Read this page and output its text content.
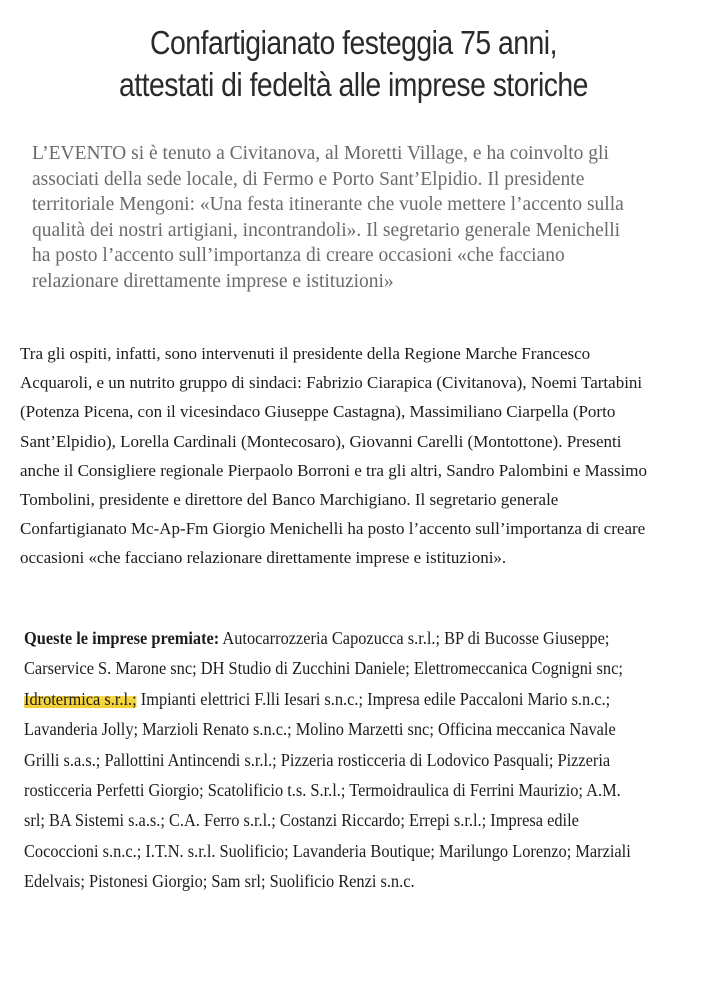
Confartigianato festeggia 75 anni,
attestati di fedeltà alle imprese storiche
L’EVENTO si è tenuto a Civitanova, al Moretti Village, e ha coinvolto gli
associati della sede locale, di Fermo e Porto Sant’Elpidio. Il presidente
territoriale Mengoni: «Una festa itinerante che vuole mettere l’accento sulla
qualità dei nostri artigiani, incontrandoli». Il segretario generale Menichelli
ha posto l’accento sull’importanza di creare occasioni «che facciano
relazionare direttamente imprese e istituzioni»
Tra gli ospiti, infatti, sono intervenuti il presidente della Regione Marche Francesco
Acquaroli, e un nutrito gruppo di sindaci: Fabrizio Ciarapica (Civitanova), Noemi Tartabini
(Potenza Picena, con il vicesindaco Giuseppe Castagna), Massimiliano Ciarpella (Porto
Sant’Elpidio), Lorella Cardinali (Montecosaro), Giovanni Carelli (Montottone). Presenti
anche il Consigliere regionale Pierpaolo Borroni e tra gli altri, Sandro Palombini e Massimo
Tombolini, presidente e direttore del Banco Marchigiano. Il segretario generale
Confartigianato Mc-Ap-Fm Giorgio Menichelli ha posto l’accento sull’importanza di creare
occasioni «che facciano relazionare direttamente imprese e istituzioni».
Queste le imprese premiate: Autocarrozzeria Capozucca s.r.l.; BP di Bucosse Giuseppe;
Carservice S. Marone snc; DH Studio di Zucchini Daniele; Elettromeccanica Cognigni snc;
Idrotermica s.r.l.; Impianti elettrici F.lli Iesari s.n.c.; Impresa edile Paccaloni Mario s.n.c.;
Lavanderia Jolly; Marzioli Renato s.n.c.; Molino Marzetti snc; Officina meccanica Navale
Grilli s.a.s.; Pallottini Antincendi s.r.l.; Pizzeria rosticceria di Lodovico Pasquali; Pizzeria
rosticceria Perfetti Giorgio; Scatolificio t.s. S.r.l.; Termoidraulica di Ferrini Maurizio; A.M.
srl; BA Sistemi s.a.s.; C.A. Ferro s.r.l.; Costanzi Riccardo; Errepi s.r.l.; Impresa edile
Cococcioni s.n.c.; I.T.N. s.r.l. Suolificio; Lavanderia Boutique; Marilungo Lorenzo; Marziali
Edelvais; Pistonesi Giorgio; Sam srl; Suolificio Renzi s.n.c.
